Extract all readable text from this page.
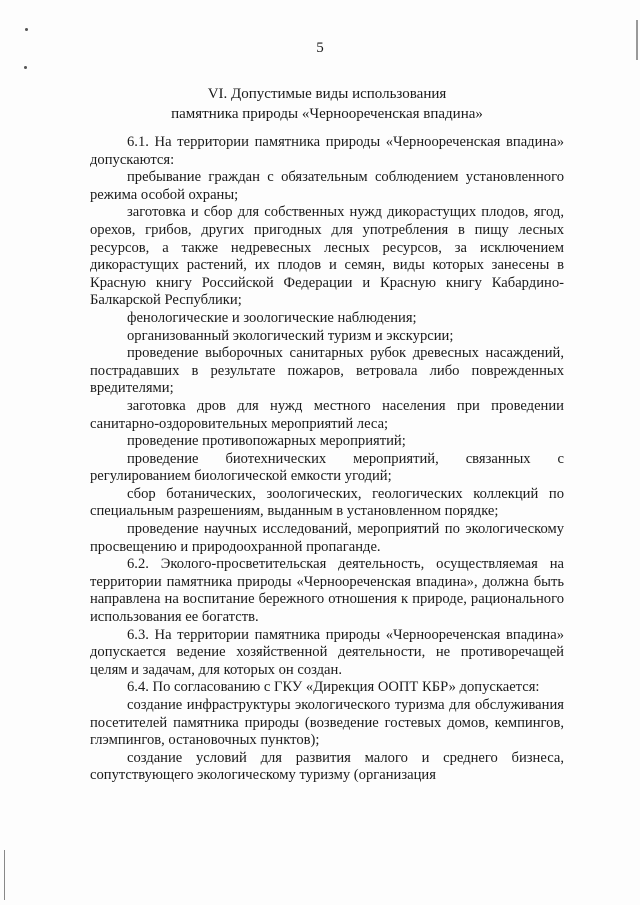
5
VI. Допустимые виды использования
памятника природы «Черноореченская впадина»

6.1. На территории памятника природы «Черноореченская впадина» допускаются:

пребывание граждан с обязательным соблюдением установленного режима особой охраны;

заготовка и сбор для собственных нужд дикорастущих плодов, ягод, орехов, грибов, других пригодных для употребления в пищу лесных ресурсов, а также недревесных лесных ресурсов, за исключением дикорастущих растений, их плодов и семян, виды которых занесены в Красную книгу Российской Федерации и Красную книгу Кабардино-Балкарской Республики;

фенологические и зоологические наблюдения;

организованный экологический туризм и экскурсии;

проведение выборочных санитарных рубок древесных насаждений, пострадавших в результате пожаров, ветровала либо поврежденных вредителями;

заготовка дров для нужд местного населения при проведении санитарно-оздоровительных мероприятий леса;

проведение противопожарных мероприятий;

проведение биотехнических мероприятий, связанных с регулированием биологической емкости угодий;

сбор ботанических, зоологических, геологических коллекций по специальным разрешениям, выданным в установленном порядке;

проведение научных исследований, мероприятий по экологическому просвещению и природоохранной пропаганде.

6.2. Эколого-просветительская деятельность, осуществляемая на территории памятника природы «Черноореченская впадина», должна быть направлена на воспитание бережного отношения к природе, рационального использования ее богатств.

6.3. На территории памятника природы «Черноореченская впадина» допускается ведение хозяйственной деятельности, не противоречащей целям и задачам, для которых он создан.

6.4. По согласованию с ГКУ «Дирекция ООПТ КБР» допускается:

создание инфраструктуры экологического туризма для обслуживания посетителей памятника природы (возведение гостевых домов, кемпингов, глэмпингов, остановочных пунктов);

создание условий для развития малого и среднего бизнеса, сопутствующего экологическому туризму (организация
